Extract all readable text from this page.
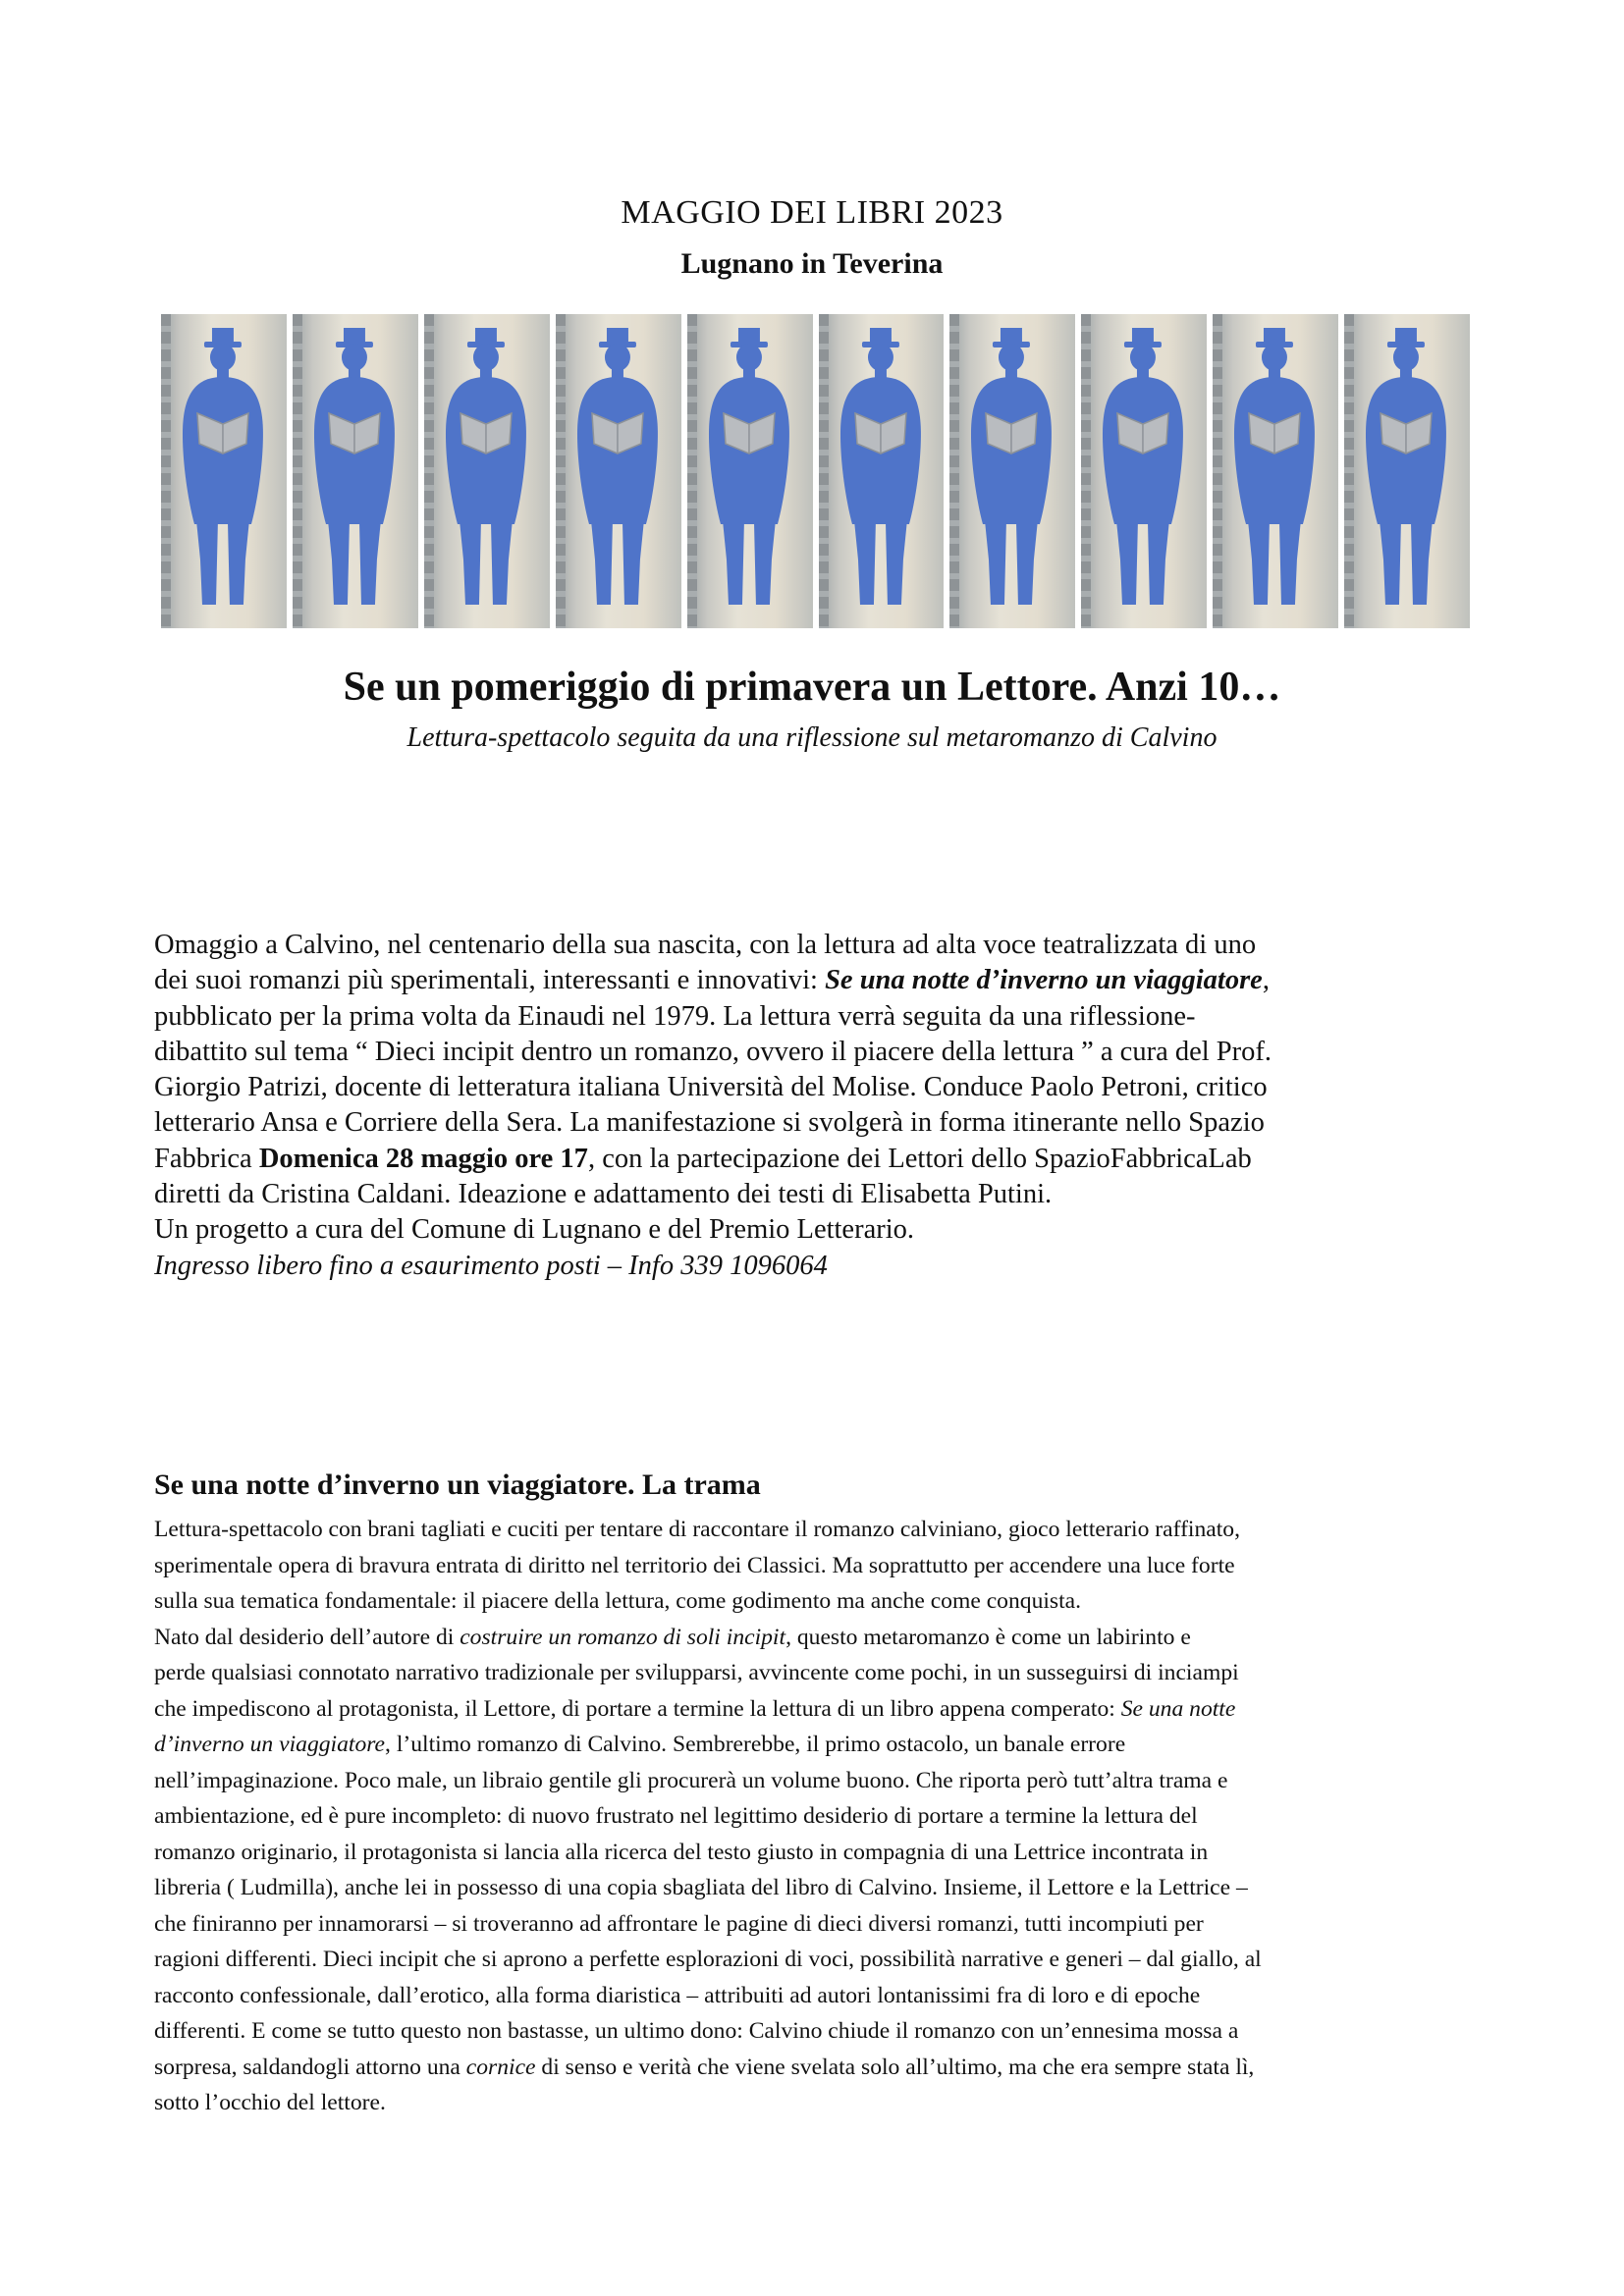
MAGGIO DEI LIBRI 2023
Lugnano in Teverina
Se un pomeriggio di primavera un Lettore. Anzi 10…
Lettura-spettacolo seguita da una riflessione sul metaromanzo di Calvino
Omaggio a Calvino, nel centenario della sua nascita, con la lettura ad alta voce teatralizzata di uno
dei suoi romanzi più sperimentali, interessanti e innovativi: Se una notte d’inverno un viaggiatore,
pubblicato per la prima volta da Einaudi nel 1979. La lettura verrà seguita da una riflessione-
dibattito sul tema “ Dieci incipit dentro un romanzo, ovvero il piacere della lettura ” a cura del Prof.
Giorgio Patrizi, docente di letteratura italiana Università del Molise. Conduce Paolo Petroni, critico
letterario Ansa e Corriere della Sera. La manifestazione si svolgerà in forma itinerante nello Spazio
Fabbrica Domenica 28 maggio ore 17, con la partecipazione dei Lettori dello SpazioFabbricaLab
diretti da Cristina Caldani. Ideazione e adattamento dei testi di Elisabetta Putini.
Un progetto a cura del Comune di Lugnano e del Premio Letterario.
Ingresso libero fino a esaurimento posti – Info 339 1096064
Se una notte d’inverno un viaggiatore. La trama
Lettura-spettacolo con brani tagliati e cuciti per tentare di raccontare il romanzo calviniano, gioco letterario raffinato,
sperimentale opera di bravura entrata di diritto nel territorio dei Classici. Ma soprattutto per accendere una luce forte
sulla sua tematica fondamentale: il piacere della lettura, come godimento ma anche come conquista.
Nato dal desiderio dell’autore di costruire un romanzo di soli incipit, questo metaromanzo è come un labirinto e
perde qualsiasi connotato narrativo tradizionale per svilupparsi, avvincente come pochi, in un susseguirsi di inciampi
che impediscono al protagonista, il Lettore, di portare a termine la lettura di un libro appena comperato: Se una notte
d’inverno un viaggiatore, l’ultimo romanzo di Calvino. Sembrerebbe, il primo ostacolo, un banale errore
nell’impaginazione. Poco male, un libraio gentile gli procurerà un volume buono. Che riporta però tutt’altra trama e
ambientazione, ed è pure incompleto: di nuovo frustrato nel legittimo desiderio di portare a termine la lettura del
romanzo originario, il protagonista si lancia alla ricerca del testo giusto in compagnia di una Lettrice incontrata in
libreria ( Ludmilla), anche lei in possesso di una copia sbagliata del libro di Calvino. Insieme, il Lettore e la Lettrice –
che finiranno per innamorarsi – si troveranno ad affrontare le pagine di dieci diversi romanzi, tutti incompiuti per
ragioni differenti. Dieci incipit che si aprono a perfette esplorazioni di voci, possibilità narrative e generi – dal giallo, al
racconto confessionale, dall’erotico, alla forma diaristica – attribuiti ad autori lontanissimi fra di loro e di epoche
differenti. E come se tutto questo non bastasse, un ultimo dono: Calvino chiude il romanzo con un’ennesima mossa a
sorpresa, saldandogli attorno una cornice di senso e verità che viene svelata solo all’ultimo, ma che era sempre stata lì,
sotto l’occhio del lettore.
